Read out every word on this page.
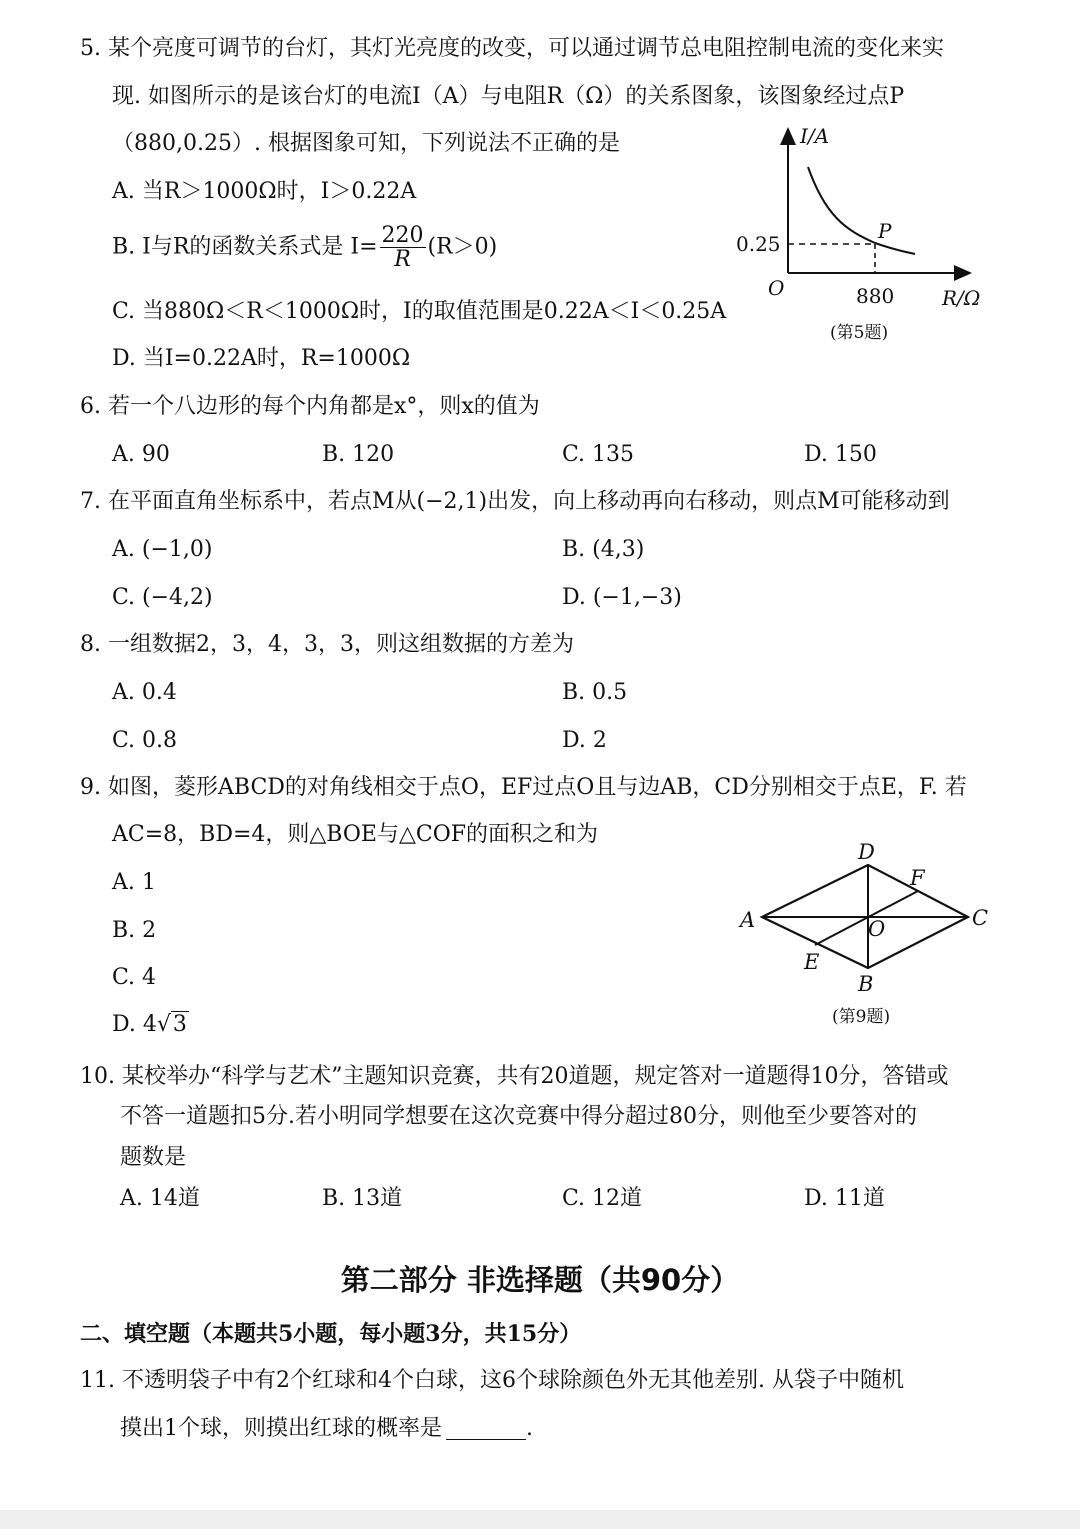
5. 某个亮度可调节的台灯，其灯光亮度的改变，可以通过调节总电阻控制电流的变化来实
现. 如图所示的是该台灯的电流I（A）与电阻R（Ω）的关系图象，该图象经过点P
（880,0.25）. 根据图象可知，下列说法不正确的是
A. 当R＞1000Ω时，I＞0.22A
B. I与R的函数关系式是 $I= \frac{220}{R} (R>0)$
C. 当880Ω＜R＜1000Ω时，I的取值范围是0.22A＜I＜0.25A
D. 当I=0.22A时，R=1000Ω
I/A
R/Ω
O
0.25
880
P
(第5题)
6. 若一个八边形的每个内角都是x°，则x的值为
A. 90	B. 120	C. 135	D. 150
7. 在平面直角坐标系中，若点M从(−2,1)出发，向上移动再向右移动，则点M可能移动到
A. (−1,0)	B. (4,3)
C. (−4,2)	D. (−1,−3)
8. 一组数据2，3，4，3，3，则这组数据的方差为
A. 0.4	B. 0.5
C. 0.8	D. 2
9. 如图，菱形ABCD的对角线相交于点O，EF过点O且与边AB，CD分别相交于点E，F. 若
AC=8，BD=4，则△BOE与△COF的面积之和为
A. 1
B. 2
C. 4
D. 4√3
A	C
D
B
O
E
F
(第9题)
10. 某校举办“科学与艺术”主题知识竞赛，共有20道题，规定答对一道题得10分，答错或
不答一道题扣5分.若小明同学想要在这次竞赛中得分超过80分，则他至少要答对的
题数是
A. 14道	B. 13道	C. 12道	D. 11道
第二部分 非选择题（共90分）
二、填空题（本题共5小题，每小题3分，共15分）
11. 不透明袋子中有2个红球和4个白球，这6个球除颜色外无其他差别. 从袋子中随机
摸出1个球，则摸出红球的概率是	.
